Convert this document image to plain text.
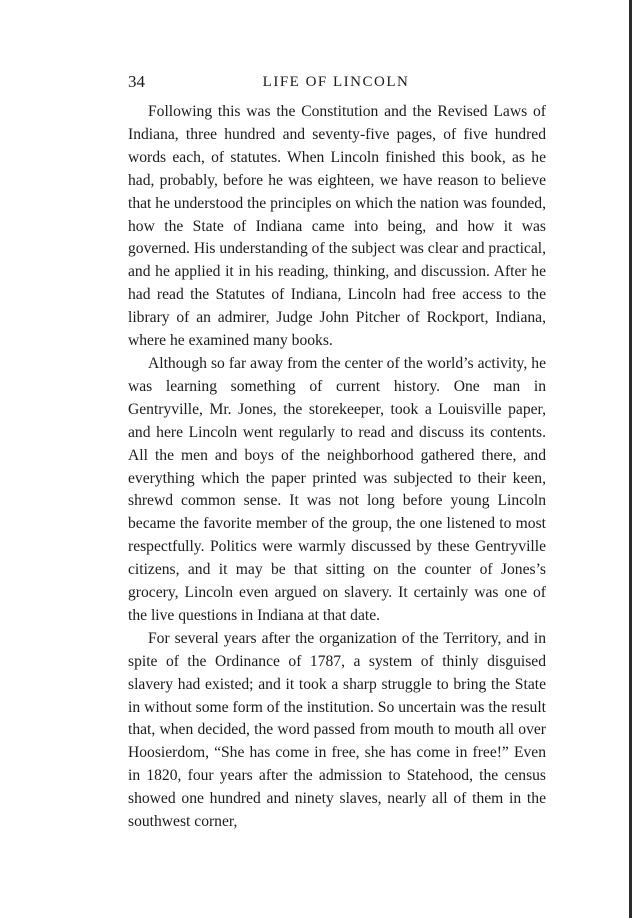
34	LIFE OF LINCOLN

Following this was the Constitution and the Revised Laws of Indiana, three hundred and seventy-five pages, of five hundred words each, of statutes. When Lincoln finished this book, as he had, probably, before he was eighteen, we have reason to believe that he understood the principles on which the nation was founded, how the State of Indiana came into being, and how it was governed. His understanding of the subject was clear and practical, and he applied it in his reading, thinking, and discussion. After he had read the Statutes of Indiana, Lincoln had free access to the library of an admirer, Judge John Pitcher of Rockport, Indiana, where he examined many books.

Although so far away from the center of the world’s activity, he was learning something of current history. One man in Gentryville, Mr. Jones, the storekeeper, took a Louisville paper, and here Lincoln went regularly to read and discuss its contents. All the men and boys of the neighborhood gathered there, and everything which the paper printed was subjected to their keen, shrewd common sense. It was not long before young Lincoln became the favorite member of the group, the one listened to most respectfully. Politics were warmly discussed by these Gentryville citizens, and it may be that sitting on the counter of Jones’s grocery, Lincoln even argued on slavery. It certainly was one of the live questions in Indiana at that date.

For several years after the organization of the Territory, and in spite of the Ordinance of 1787, a system of thinly disguised slavery had existed; and it took a sharp struggle to bring the State in without some form of the institution. So uncertain was the result that, when decided, the word passed from mouth to mouth all over Hoosierdom, “She has come in free, she has come in free!” Even in 1820, four years after the admission to Statehood, the census showed one hundred and ninety slaves, nearly all of them in the southwest corner,
